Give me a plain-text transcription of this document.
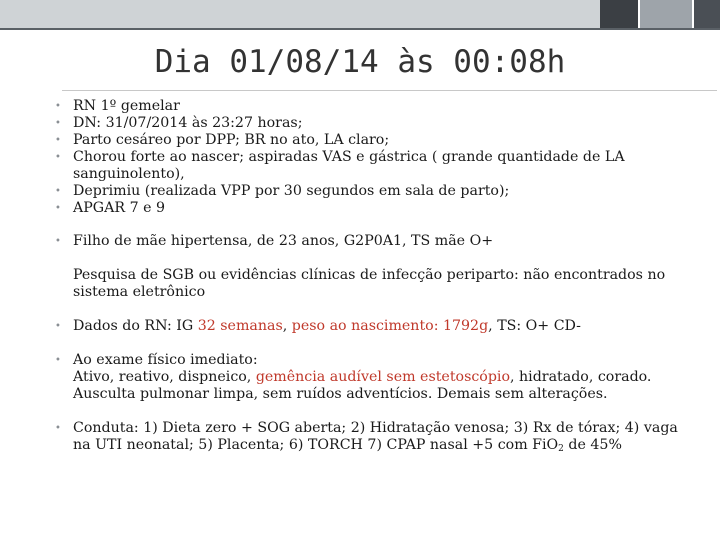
Dia 01/08/14 às 00:08h
• RN 1º gemelar
• DN: 31/07/2014 às 23:27 horas;
• Parto cesáreo por DPP; BR no ato, LA claro;
• Chorou forte ao nascer; aspiradas VAS e gástrica ( grande quantidade de LA sanguinolento),
• Deprimiu (realizada VPP por 30 segundos em sala de parto);
• APGAR 7 e 9
• Filho de mãe hipertensa, de 23 anos, G2P0A1, TS mãe O+
Pesquisa de SGB ou evidências clínicas de infecção periparto: não encontrados no sistema eletrônico
• Dados do RN: IG 32 semanas, peso ao nascimento: 1792g, TS: O+ CD-
• Ao exame físico imediato:
Ativo, reativo, dispneico, gemência audível sem estetoscópio, hidratado, corado. Ausculta pulmonar limpa, sem ruídos adventícios. Demais sem alterações.
• Conduta: 1) Dieta zero + SOG aberta; 2) Hidratação venosa; 3) Rx de tórax; 4) vaga na UTI neonatal; 5) Placenta; 6) TORCH 7) CPAP nasal +5 com FiO$_2$ de 45%
